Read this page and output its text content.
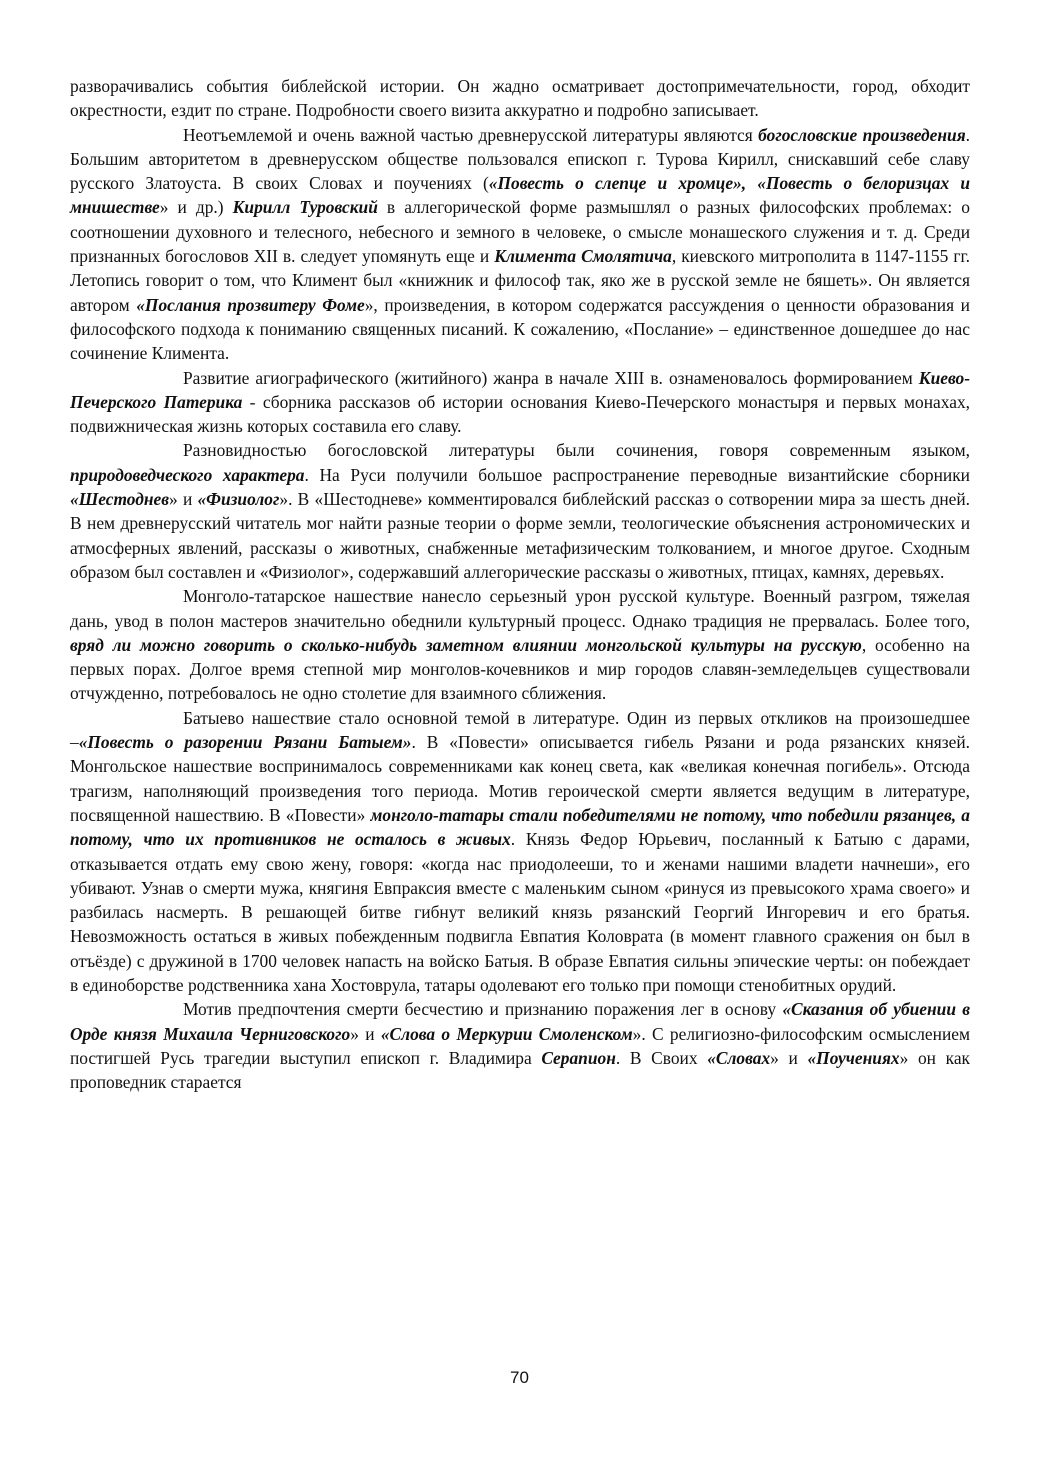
разворачивались события библейской истории. Он жадно осматривает достопримечательности, город, обходит окрестности, ездит по стране. Подробности своего визита аккуратно и подробно записывает.

Неотъемлемой и очень важной частью древнерусской литературы являются богословские произведения. Большим авторитетом в древнерусском обществе пользовался епископ г. Турова Кирилл, снискавший себе славу русского Златоуста. В своих Словах и поучениях («Повесть о слепце и хромце», «Повесть о белоризцах и мнишестве» и др.) Кирилл Туровский в аллегорической форме размышлял о разных философских проблемах: о соотношении духовного и телесного, небесного и земного в человеке, о смысле монашеского служения и т. д. Среди признанных богословов XII в. следует упомянуть еще и Климента Смолятича, киевского митрополита в 1147-1155 гг. Летопись говорит о том, что Климент был «книжник и философ так, яко же в русской земле не бяшеть». Он является автором «Послания прозвитеру Фоме», произведения, в котором содержатся рассуждения о ценности образования и философского подхода к пониманию священных писаний. К сожалению, «Послание» – единственное дошедшее до нас сочинение Климента.

Развитие агиографического (житийного) жанра в начале XIII в. ознаменовалось формированием Киево-Печерского Патерика - сборника рассказов об истории основания Киево-Печерского монастыря и первых монахах, подвижническая жизнь которых составила его славу.

Разновидностью богословской литературы были сочинения, говоря современным языком, природоведческого характера. На Руси получили большое распространение переводные византийские сборники «Шестоднев» и «Физиолог». В «Шестодневе» комментировался библейский рассказ о сотворении мира за шесть дней. В нем древнерусский читатель мог найти разные теории о форме земли, теологические объяснения астрономических и атмосферных явлений, рассказы о животных, снабженные метафизическим толкованием, и многое другое. Сходным образом был составлен и «Физиолог», содержавший аллегорические рассказы о животных, птицах, камнях, деревьях.

Монголо-татарское нашествие нанесло серьезный урон русской культуре. Военный разгром, тяжелая дань, увод в полон мастеров значительно обеднили культурный процесс. Однако традиция не прервалась. Более того, вряд ли можно говорить о сколько-нибудь заметном влиянии монгольской культуры на русскую, особенно на первых порах. Долгое время степной мир монголов-кочевников и мир городов славян-земледельцев существовали отчужденно, потребовалось не одно столетие для взаимного сближения.

Батыево нашествие стало основной темой в литературе. Один из первых откликов на произошедшее –«Повесть о разорении Рязани Батыем». В «Повести» описывается гибель Рязани и рода рязанских князей. Монгольское нашествие воспринималось современниками как конец света, как «великая конечная погибель». Отсюда трагизм, наполняющий произведения того периода. Мотив героической смерти является ведущим в литературе, посвященной нашествию. В «Повести» монголо-татары стали победителями не потому, что победили рязанцев, а потому, что их противников не осталось в живых. Князь Федор Юрьевич, посланный к Батыю с дарами, отказывается отдать ему свою жену, говоря: «когда нас приодолееши, то и женами нашими владети начнеши», его убивают. Узнав о смерти мужа, княгиня Евпраксия вместе с маленьким сыном «ринуся из превысокого храма своего» и разбилась насмерть. В решающей битве гибнут великий князь рязанский Георгий Ингоревич и его братья. Невозможность остаться в живых побежденным подвигла Евпатия Коловрата (в момент главного сражения он был в отъёзде) с дружиной в 1700 человек напасть на войско Батыя. В образе Евпатия сильны эпические черты: он побеждает в единоборстве родственника хана Хостоврула, татары одолевают его только при помощи стенобитных орудий.

Мотив предпочтения смерти бесчестию и признанию поражения лег в основу «Сказания об убиении в Орде князя Михаила Черниговского» и «Слова о Меркурии Смоленском». С религиозно-философским осмыслением постигшей Русь трагедии выступил епископ г. Владимира Серапион. В Своих «Словах» и «Поучениях» он как проповедник старается

70
